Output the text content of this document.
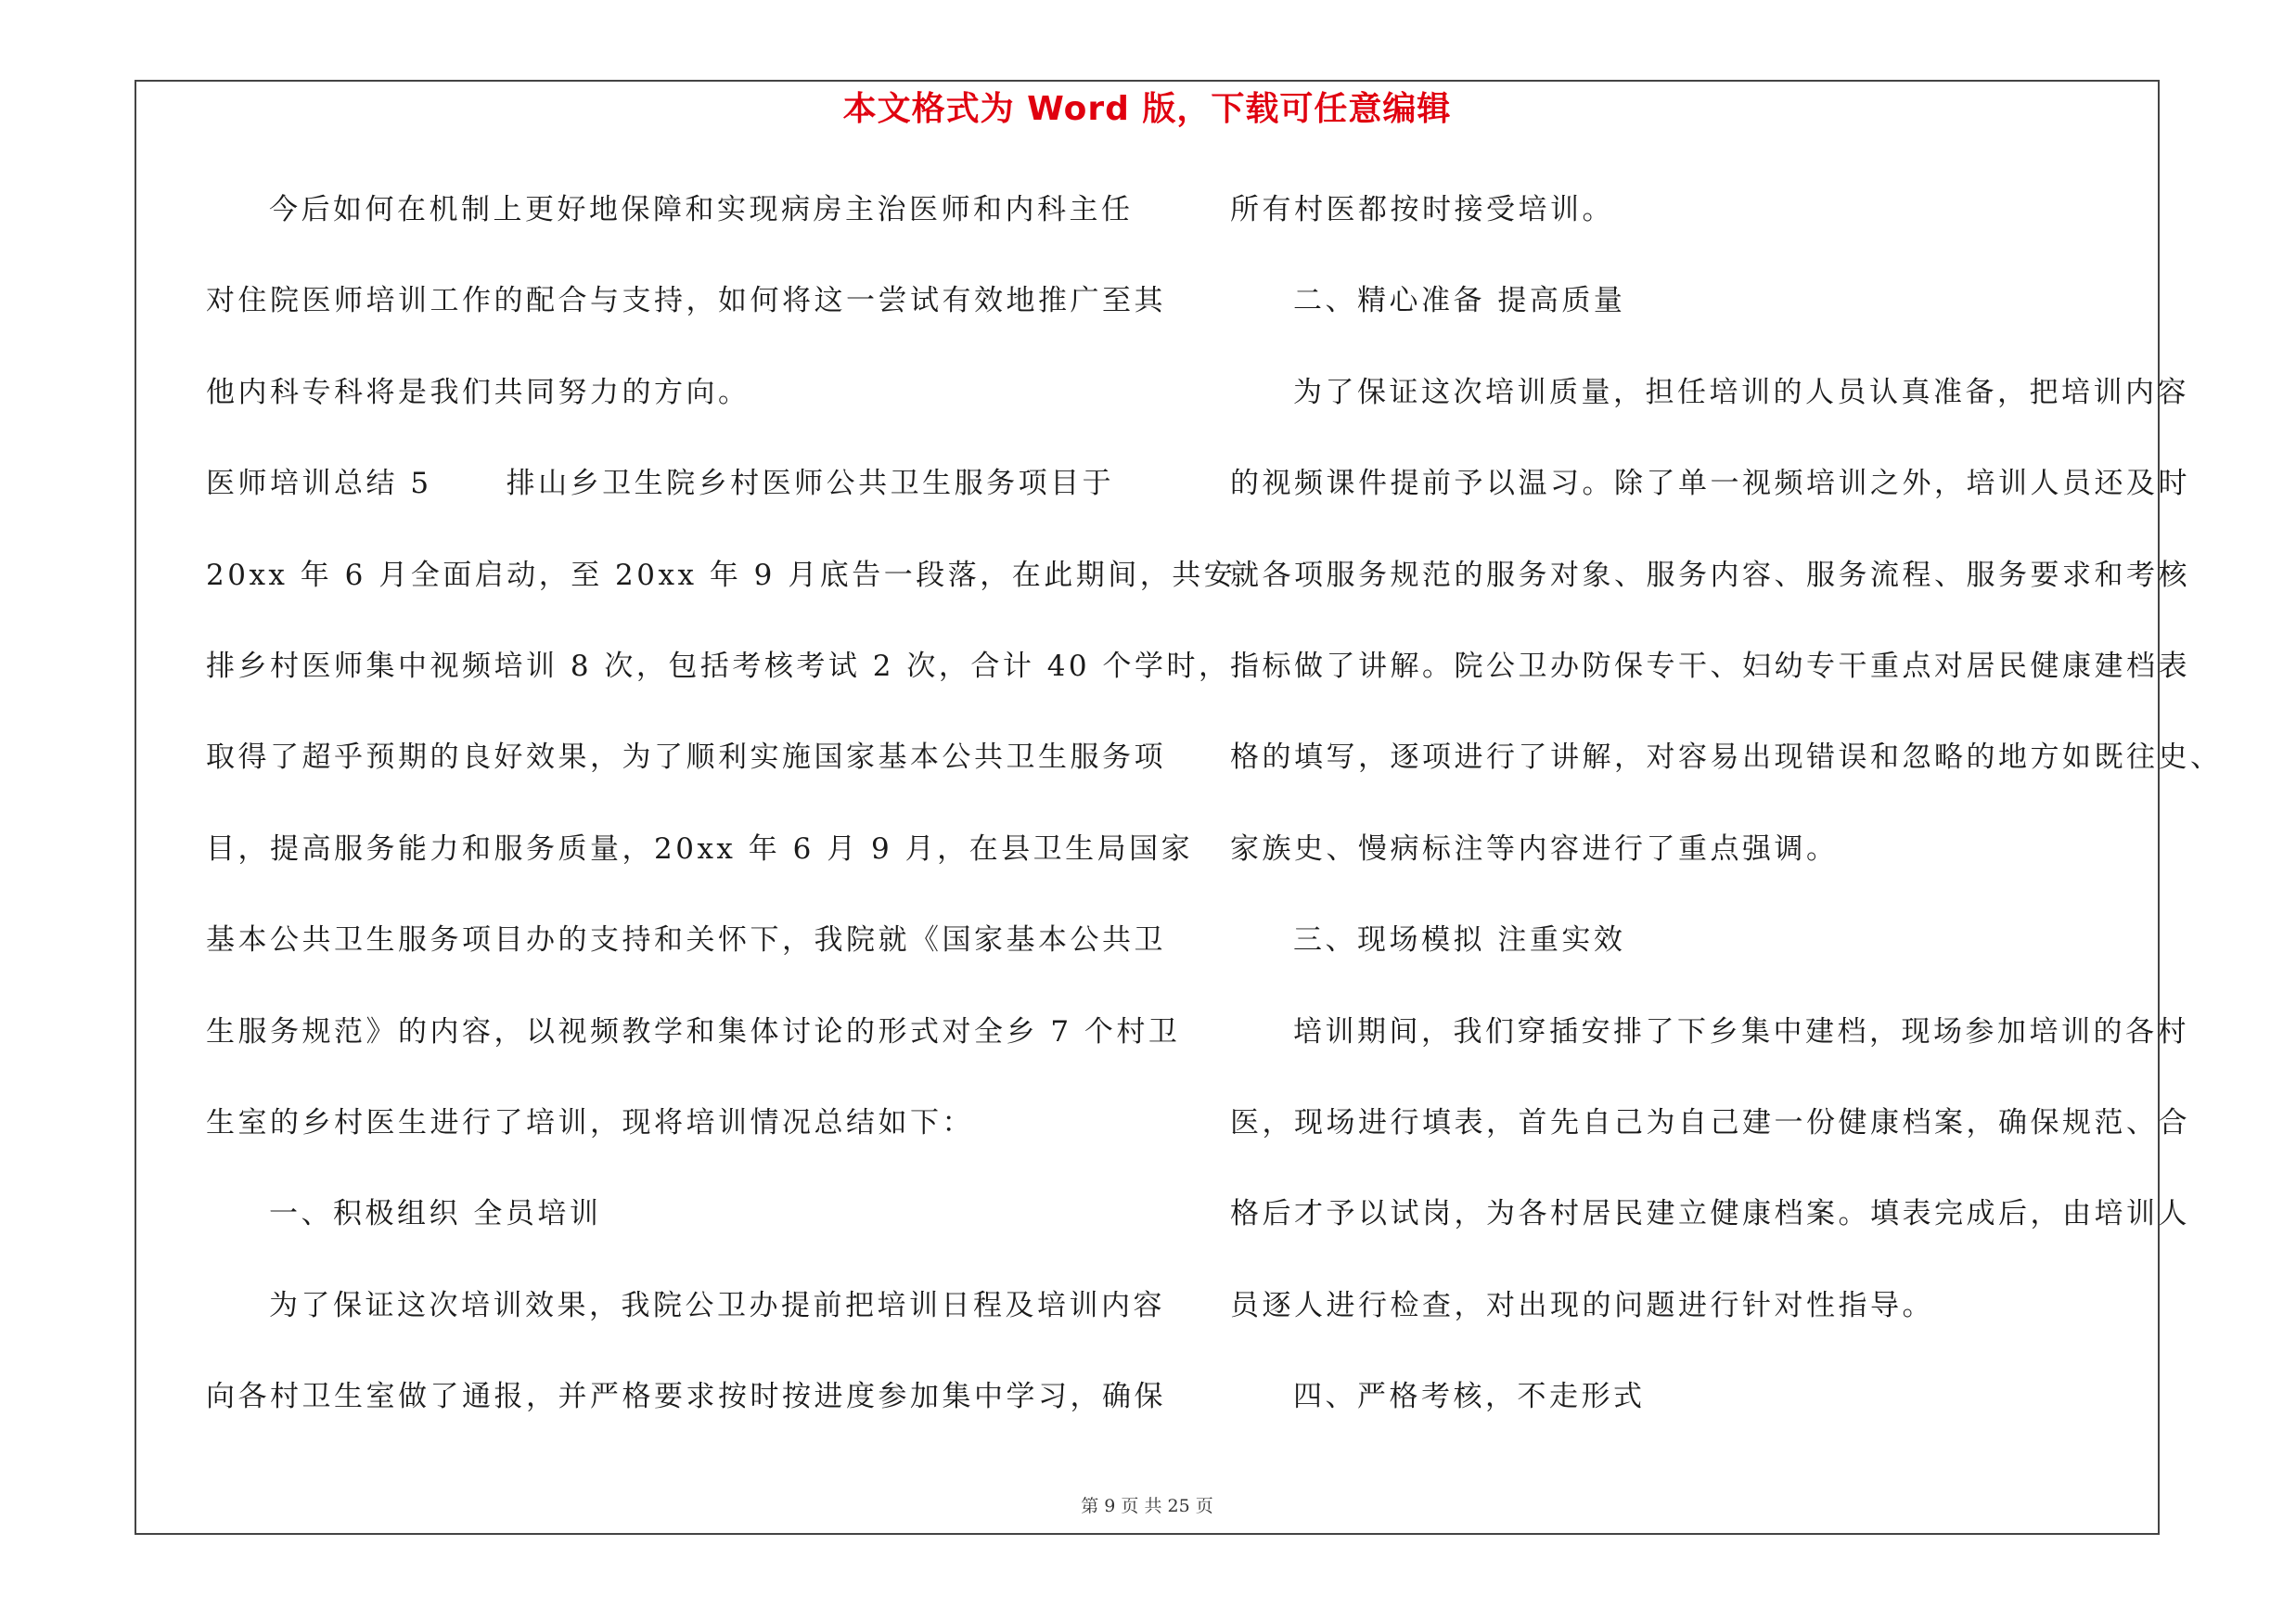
本文格式为 Word 版，下载可任意编辑
今后如何在机制上更好地保障和实现病房主治医师和内科主任
对住院医师培训工作的配合与支持，如何将这一尝试有效地推广至其
他内科专科将是我们共同努力的方向。
医师培训总结 5	排山乡卫生院乡村医师公共卫生服务项目于
20xx 年 6 月全面启动，至 20xx 年 9 月底告一段落，在此期间，共安
排乡村医师集中视频培训 8 次，包括考核考试 2 次，合计 40 个学时，
取得了超乎预期的良好效果，为了顺利实施国家基本公共卫生服务项
目，提高服务能力和服务质量，20xx 年 6 月 9 月，在县卫生局国家
基本公共卫生服务项目办的支持和关怀下，我院就《国家基本公共卫
生服务规范》的内容，以视频教学和集体讨论的形式对全乡 7 个村卫
生室的乡村医生进行了培训，现将培训情况总结如下：
一、积极组织 全员培训
为了保证这次培训效果，我院公卫办提前把培训日程及培训内容
向各村卫生室做了通报，并严格要求按时按进度参加集中学习，确保
所有村医都按时接受培训。
二、精心准备 提高质量
为了保证这次培训质量，担任培训的人员认真准备，把培训内容
的视频课件提前予以温习。除了单一视频培训之外，培训人员还及时
就各项服务规范的服务对象、服务内容、服务流程、服务要求和考核
指标做了讲解。院公卫办防保专干、妇幼专干重点对居民健康建档表
格的填写，逐项进行了讲解，对容易出现错误和忽略的地方如既往史、
家族史、慢病标注等内容进行了重点强调。
三、现场模拟 注重实效
培训期间，我们穿插安排了下乡集中建档，现场参加培训的各村
医，现场进行填表，首先自己为自己建一份健康档案，确保规范、合
格后才予以试岗，为各村居民建立健康档案。填表完成后，由培训人
员逐人进行检查，对出现的问题进行针对性指导。
四、严格考核，不走形式
第 9 页 共 25 页
